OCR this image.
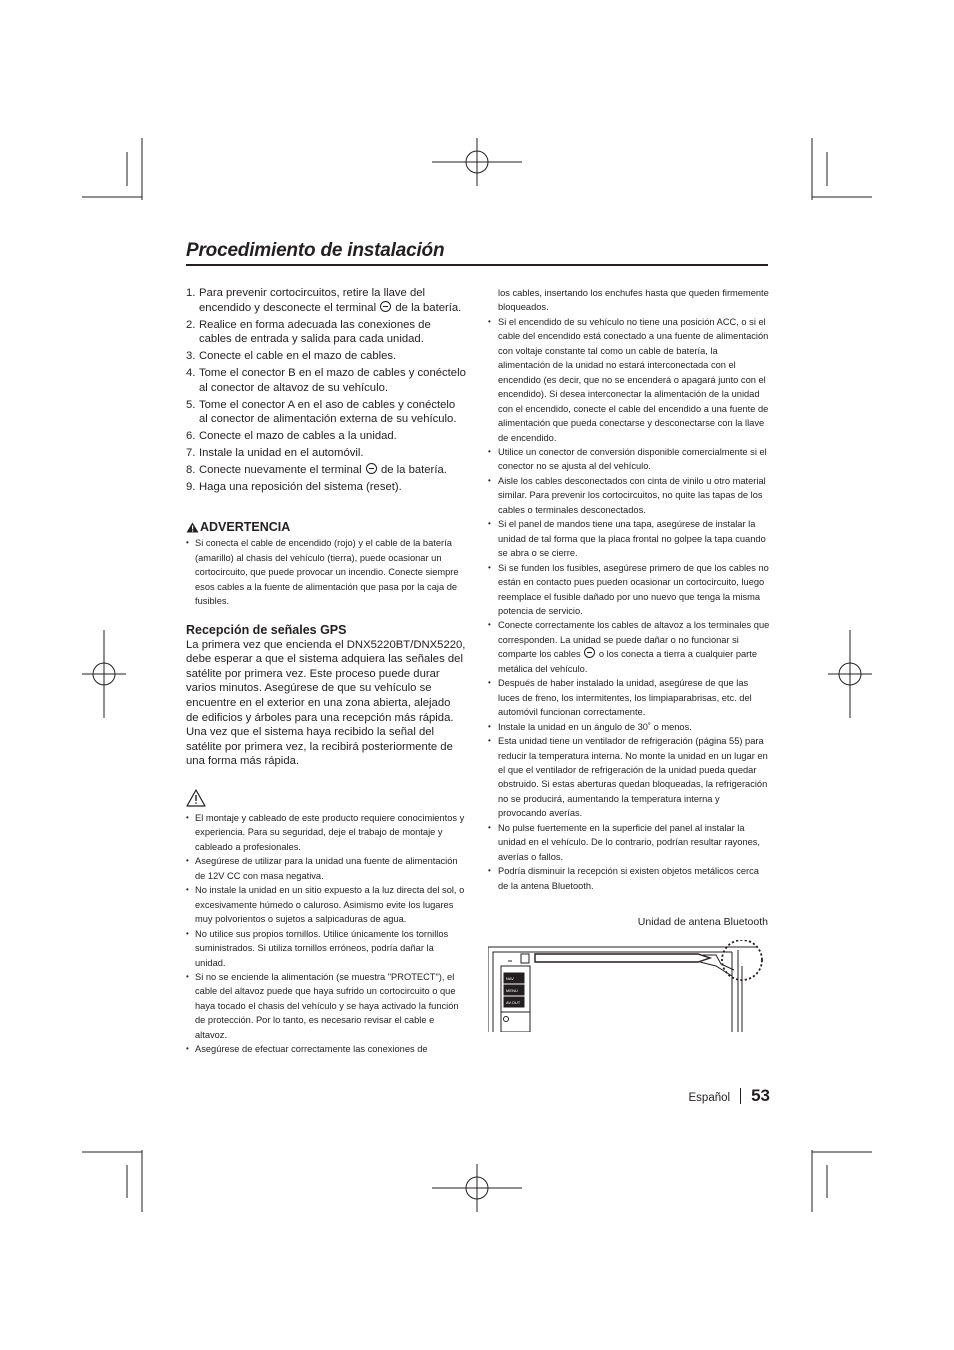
Procedimiento de instalación
1. Para prevenir cortocircuitos, retire la llave del encendido y desconecte el terminal de la batería.
2. Realice en forma adecuada las conexiones de cables de entrada y salida para cada unidad.
3. Conecte el cable en el mazo de cables.
4. Tome el conector B en el mazo de cables y conéctelo al conector de altavoz de su vehículo.
5. Tome el conector A en el aso de cables y conéctelo al conector de alimentación externa de su vehículo.
6. Conecte el mazo de cables a la unidad.
7. Instale la unidad en el automóvil.
8. Conecte nuevamente el terminal de la batería.
9. Haga una reposición del sistema (reset).
ADVERTENCIA
• Si conecta el cable de encendido (rojo) y el cable de la batería (amarillo) al chasis del vehículo (tierra), puede ocasionar un cortocircuito, que puede provocar un incendio. Conecte siempre esos cables a la fuente de alimentación que pasa por la caja de fusibles.
Recepción de señales GPS

La primera vez que encienda el DNX5220BT/DNX5220, debe esperar a que el sistema adquiera las señales del satélite por primera vez. Este proceso puede durar varios minutos. Asegúrese de que su vehículo se encuentre en el exterior en una zona abierta, alejado de edificios y árboles para una recepción más rápida. Una vez que el sistema haya recibido la señal del satélite por primera vez, la recibirá posteriormente de una forma más rápida.

• El montaje y cableado de este producto requiere conocimientos y experiencia. Para su seguridad, deje el trabajo de montaje y cableado a profesionales.
• Asegúrese de utilizar para la unidad una fuente de alimentación de 12V CC con masa negativa.
• No instale la unidad en un sitio expuesto a la luz directa del sol, o excesivamente húmedo o caluroso. Asimismo evite los lugares muy polvorientos o sujetos a salpicaduras de agua.
• No utilice sus propios tornillos. Utilice únicamente los tornillos suministrados. Si utiliza tornillos erróneos, podría dañar la unidad.
• Si no se enciende la alimentación (se muestra "PROTECT"), el cable del altavoz puede que haya sufrido un cortocircuito o que haya tocado el chasis del vehículo y se haya activado la función de protección. Por lo tanto, es necesario revisar el cable e altavoz.
• Asegúrese de efectuar correctamente las conexiones de

los cables, insertando los enchufes hasta que queden firmemente bloqueados.

• Si el encendido de su vehículo no tiene una posición ACC, o si el cable del encendido está conectado a una fuente de alimentación con voltaje constante tal como un cable de batería, la alimentación de la unidad no estará interconectada con el encendido (es decir, que no se encenderá o apagará junto con el encendido). Si desea interconectar la alimentación de la unidad con el encendido, conecte el cable del encendido a una fuente de alimentación que pueda conectarse y desconectarse con la llave de encendido.
• Utilice un conector de conversión disponible comercialmente si el conector no se ajusta al del vehículo.
• Aisle los cables desconectados con cinta de vinilo u otro material similar. Para prevenir los cortocircuitos, no quite las tapas de los cables o terminales desconectados.
• Si el panel de mandos tiene una tapa, asegúrese de instalar la unidad de tal forma que la placa frontal no golpee la tapa cuando se abra o se cierre.
• Si se funden los fusibles, asegúrese primero de que los cables no están en contacto pues pueden ocasionar un cortocircuito, luego reemplace el fusible dañado por uno nuevo que tenga la misma potencia de servicio.
• Conecte correctamente los cables de altavoz a los terminales que corresponden. La unidad se puede dañar o no funcionar si comparte los cables o los conecta a tierra a cualquier parte metálica del vehículo.
• Después de haber instalado la unidad, asegúrese de que las luces de freno, los intermitentes, los limpiaparabrisas, etc. del automóvil funcionan correctamente.
• Instale la unidad en un ángulo de 30˚ o menos.
• Esta unidad tiene un ventilador de refrigeración (página 55) para reducir la temperatura interna. No monte la unidad en un lugar en el que el ventilador de refrigeración de la unidad pueda quedar obstruido. Si estas aberturas quedan bloqueadas, la refrigeración no se producirá, aumentando la temperatura interna y provocando averías.
• No pulse fuertemente en la superficie del panel al instalar la unidad en el vehículo. De lo contrario, podrían resultar rayones, averías o fallos.
• Podría disminuir la recepción si existen objetos metálicos cerca de la antena Bluetooth.
Unidad de antena Bluetooth
NAV
MENU
AV.OUT
Español 53
